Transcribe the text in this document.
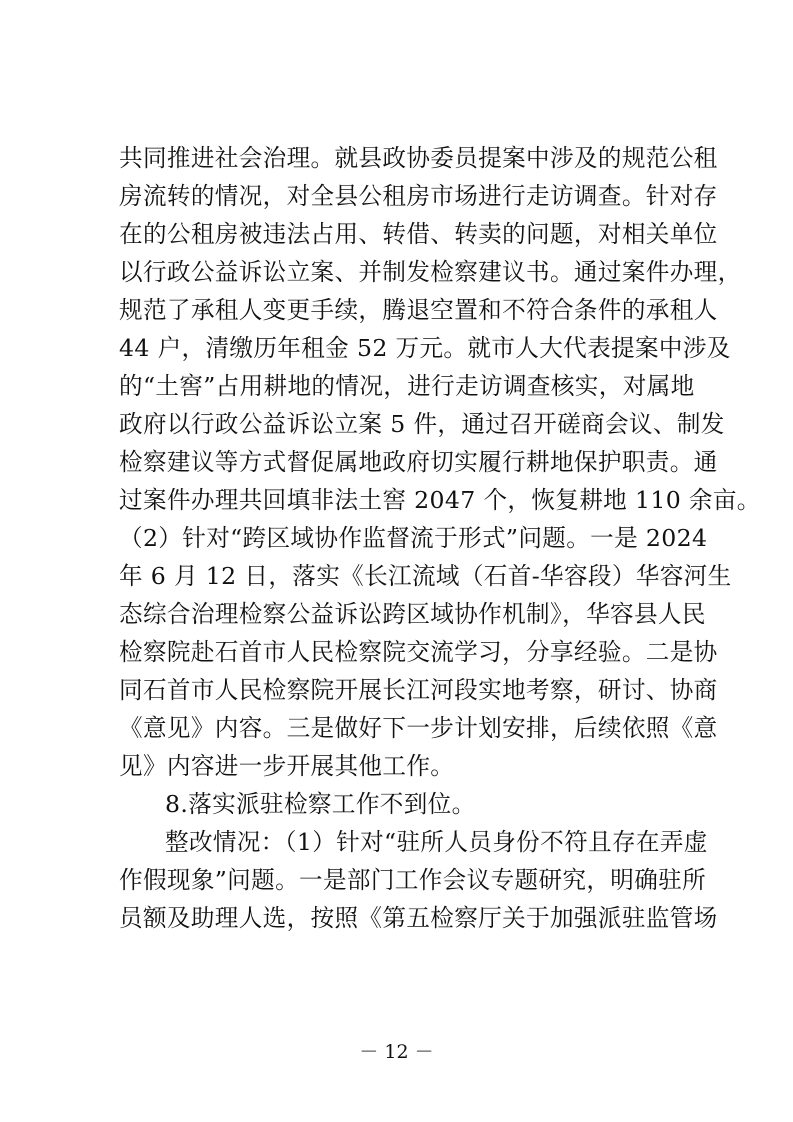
共同推进社会治理。就县政协委员提案中涉及的规范公租
房流转的情况，对全县公租房市场进行走访调查。针对存
在的公租房被违法占用、转借、转卖的问题，对相关单位
以行政公益诉讼立案、并制发检察建议书。通过案件办理，
规范了承租人变更手续，腾退空置和不符合条件的承租人
44 户，清缴历年租金 52 万元。就市人大代表提案中涉及
的“土窖”占用耕地的情况，进行走访调查核实，对属地
政府以行政公益诉讼立案 5 件，通过召开磋商会议、制发
检察建议等方式督促属地政府切实履行耕地保护职责。通
过案件办理共回填非法土窖 2047 个，恢复耕地 110 余亩。
（2）针对“跨区域协作监督流于形式”问题。一是 2024
年 6 月 12 日，落实《长江流域（石首-华容段）华容河生
态综合治理检察公益诉讼跨区域协作机制》，华容县人民
检察院赴石首市人民检察院交流学习，分享经验。二是协
同石首市人民检察院开展长江河段实地考察，研讨、协商
《意见》内容。三是做好下一步计划安排，后续依照《意
见》内容进一步开展其他工作。
8.落实派驻检察工作不到位。
整改情况：（1）针对“驻所人员身份不符且存在弄虚
作假现象”问题。一是部门工作会议专题研究，明确驻所
员额及助理人选，按照《第五检察厅关于加强派驻监管场
－ 12 －
